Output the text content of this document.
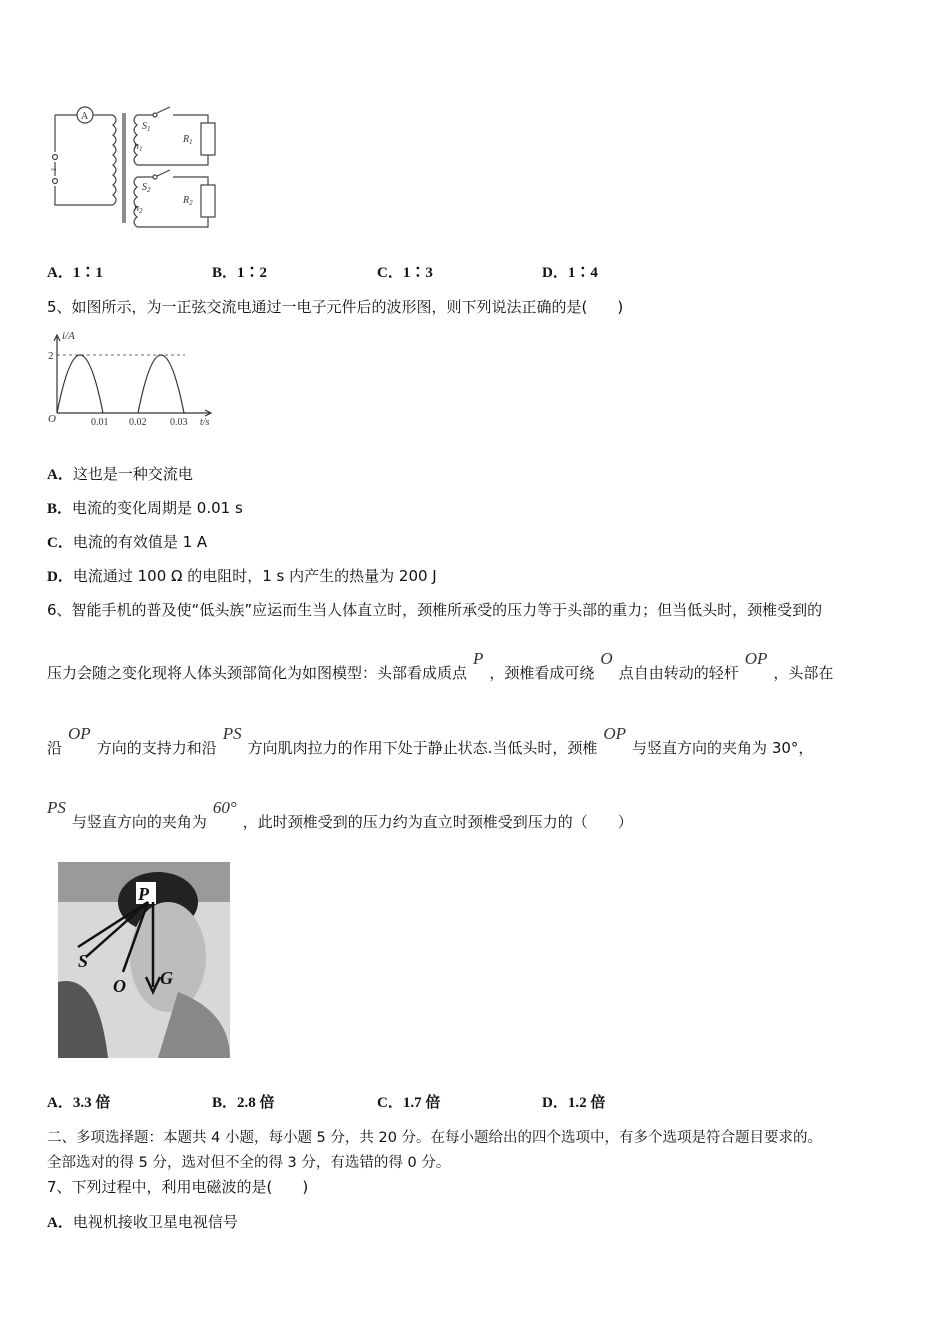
A
~
$S_1$
$n_1$
$R_1$
$S_2$
$n_2$
$R_2$
A．1∶1	B．1∶2	C．1∶3	D．1∶4
5、如图所示，为一正弦交流电通过一电子元件后的波形图，则下列说法正确的是(　　)
i/A
2
O	0.01 0.02 0.03 t/s
A．这也是一种交流电
B．电流的变化周期是 0.01 s
C．电流的有效值是 1 A
D．电流通过 100 Ω 的电阻时，1 s 内产生的热量为 200 J
6、智能手机的普及使“低头族”应运而生当人体直立时，颈椎所承受的压力等于头部的重力；但当低头时，颈椎受到的
压力会随之变化现将人体头颈部简化为如图模型：头部看成质点P，颈椎看成可绕O点自由转动的轻杆OP，头部在
沿OP方向的支持力和沿PS方向肌肉拉力的作用下处于静止状态.当低头时，颈椎OP与竖直方向的夹角为 30°，
PS与竖直方向的夹角为60°，此时颈椎受到的压力约为直立时颈椎受到压力的（　　）
P
S
O G
A．3.3 倍	B．2.8 倍	C．1.7 倍	D．1.2 倍
二、多项选择题：本题共 4 小题，每小题 5 分，共 20 分。在每小题给出的四个选项中，有多个选项是符合题目要求的。
全部选对的得 5 分，选对但不全的得 3 分，有选错的得 0 分。
7、下列过程中，利用电磁波的是(　　)
A．电视机接收卫星电视信号
